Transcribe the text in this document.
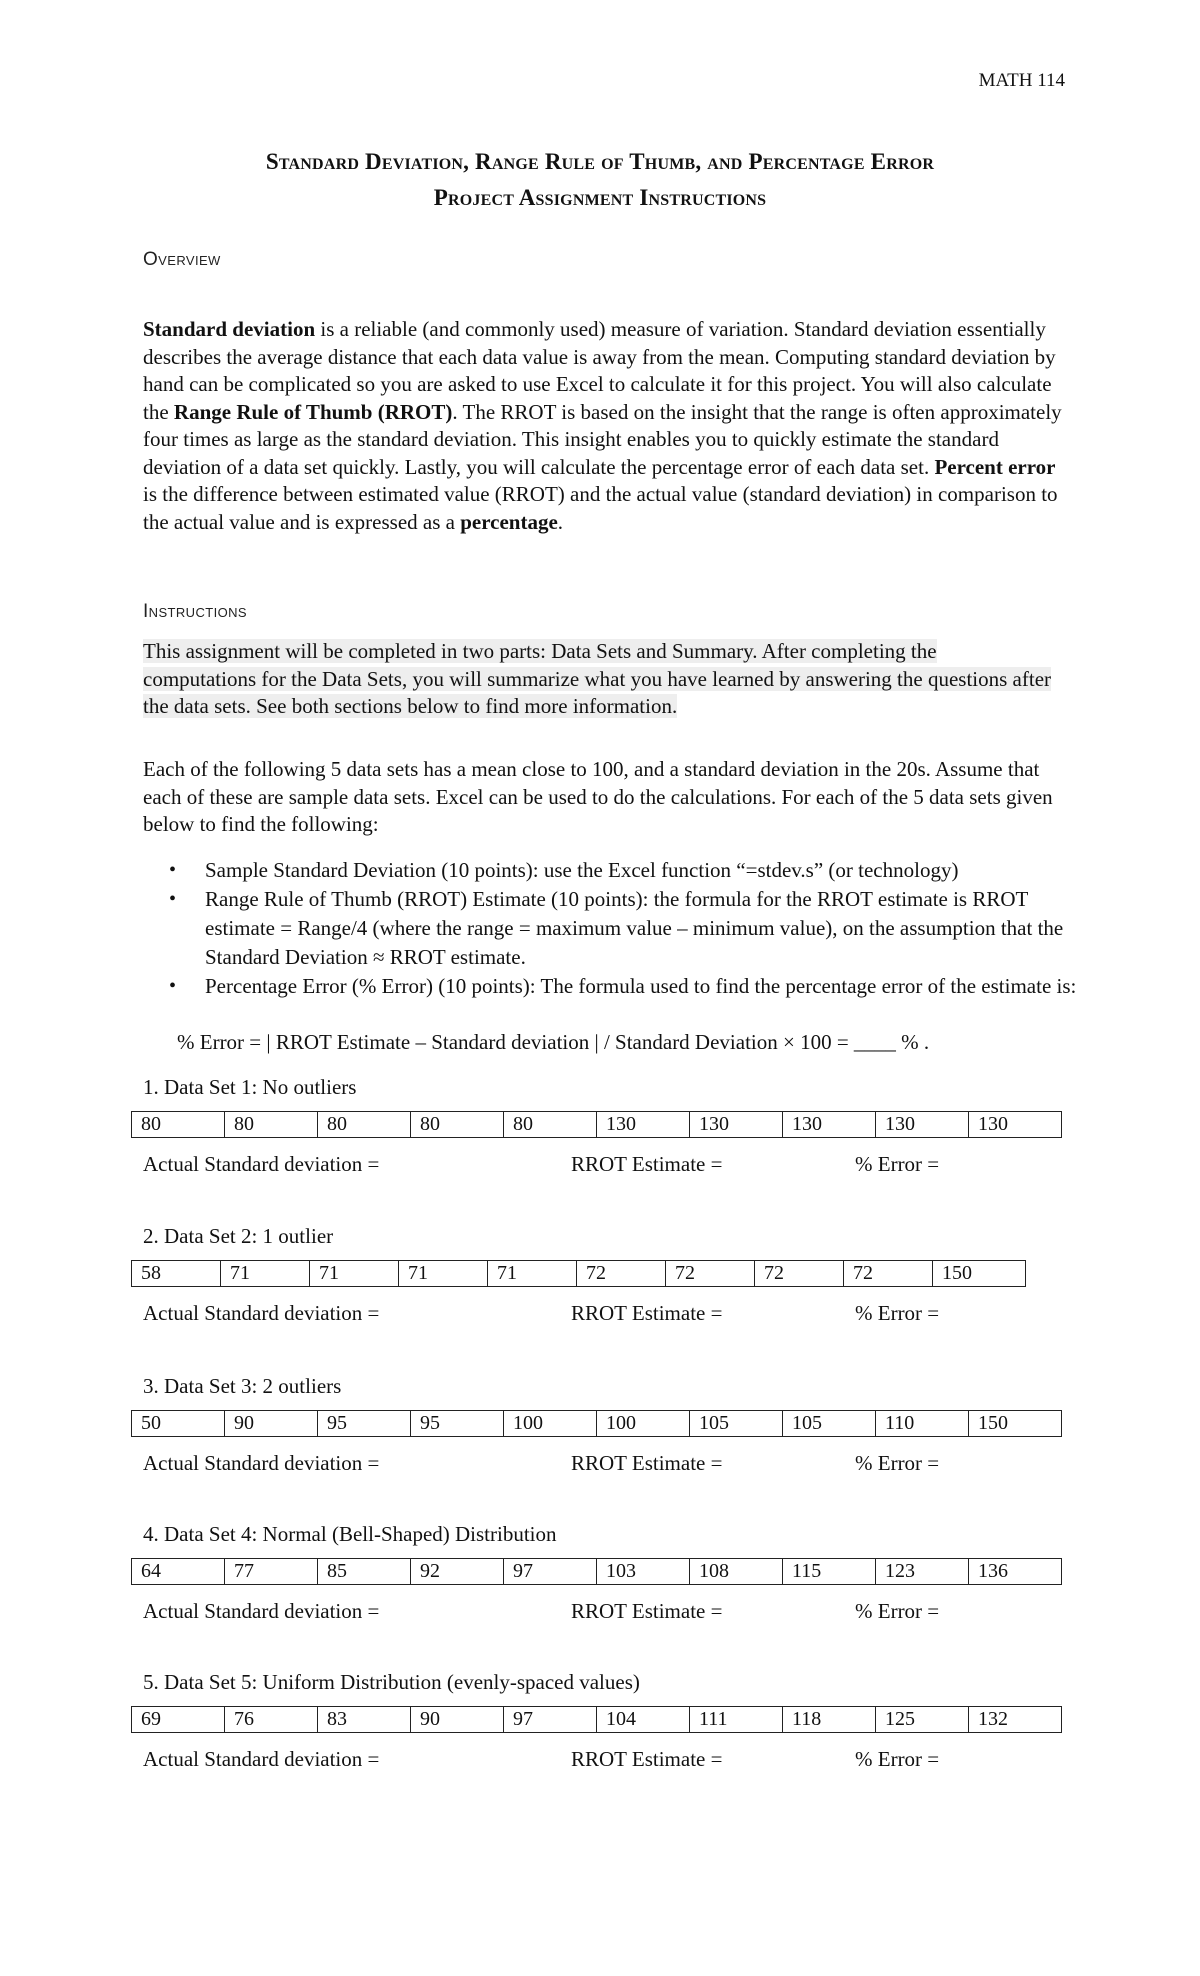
MATH 114
Standard Deviation, Range Rule of Thumb, and Percentage Error
Project Assignment Instructions
Overview
Standard deviation is a reliable (and commonly used) measure of variation. Standard deviation essentially describes the average distance that each data value is away from the mean. Computing standard deviation by hand can be complicated so you are asked to use Excel to calculate it for this project. You will also calculate the Range Rule of Thumb (RROT). The RROT is based on the insight that the range is often approximately four times as large as the standard deviation. This insight enables you to quickly estimate the standard deviation of a data set quickly. Lastly, you will calculate the percentage error of each data set. Percent error is the difference between estimated value (RROT) and the actual value (standard deviation) in comparison to the actual value and is expressed as a percentage.
Instructions
This assignment will be completed in two parts: Data Sets and Summary. After completing the computations for the Data Sets, you will summarize what you have learned by answering the questions after the data sets. See both sections below to find more information.
Each of the following 5 data sets has a mean close to 100, and a standard deviation in the 20s. Assume that each of these are sample data sets. Excel can be used to do the calculations. For each of the 5 data sets given below to find the following:
• Sample Standard Deviation (10 points): use the Excel function “=stdev.s” (or technology)
• Range Rule of Thumb (RROT) Estimate (10 points): the formula for the RROT estimate is RROT estimate = Range/4 (where the range = maximum value – minimum value), on the assumption that the Standard Deviation ≈ RROT estimate.
• Percentage Error (% Error) (10 points): The formula used to find the percentage error of the estimate is:
% Error = | RROT Estimate – Standard deviation | / Standard Deviation × 100 = ____ % .
1. Data Set 1: No outliers
80	80	80	80	80	130	130	130	130	130
Actual Standard deviation =	RROT Estimate =	% Error =
2. Data Set 2: 1 outlier
58	71	71	71	71	72	72	72	72	150
Actual Standard deviation =	RROT Estimate =	% Error =
3. Data Set 3: 2 outliers
50	90	95	95	100	100	105	105	110	150
Actual Standard deviation =	RROT Estimate =	% Error =
4. Data Set 4: Normal (Bell-Shaped) Distribution
64	77	85	92	97	103	108	115	123	136
Actual Standard deviation =	RROT Estimate =	% Error =
5. Data Set 5: Uniform Distribution (evenly-spaced values)
69	76	83	90	97	104	111	118	125	132
Actual Standard deviation =	RROT Estimate =	% Error =
